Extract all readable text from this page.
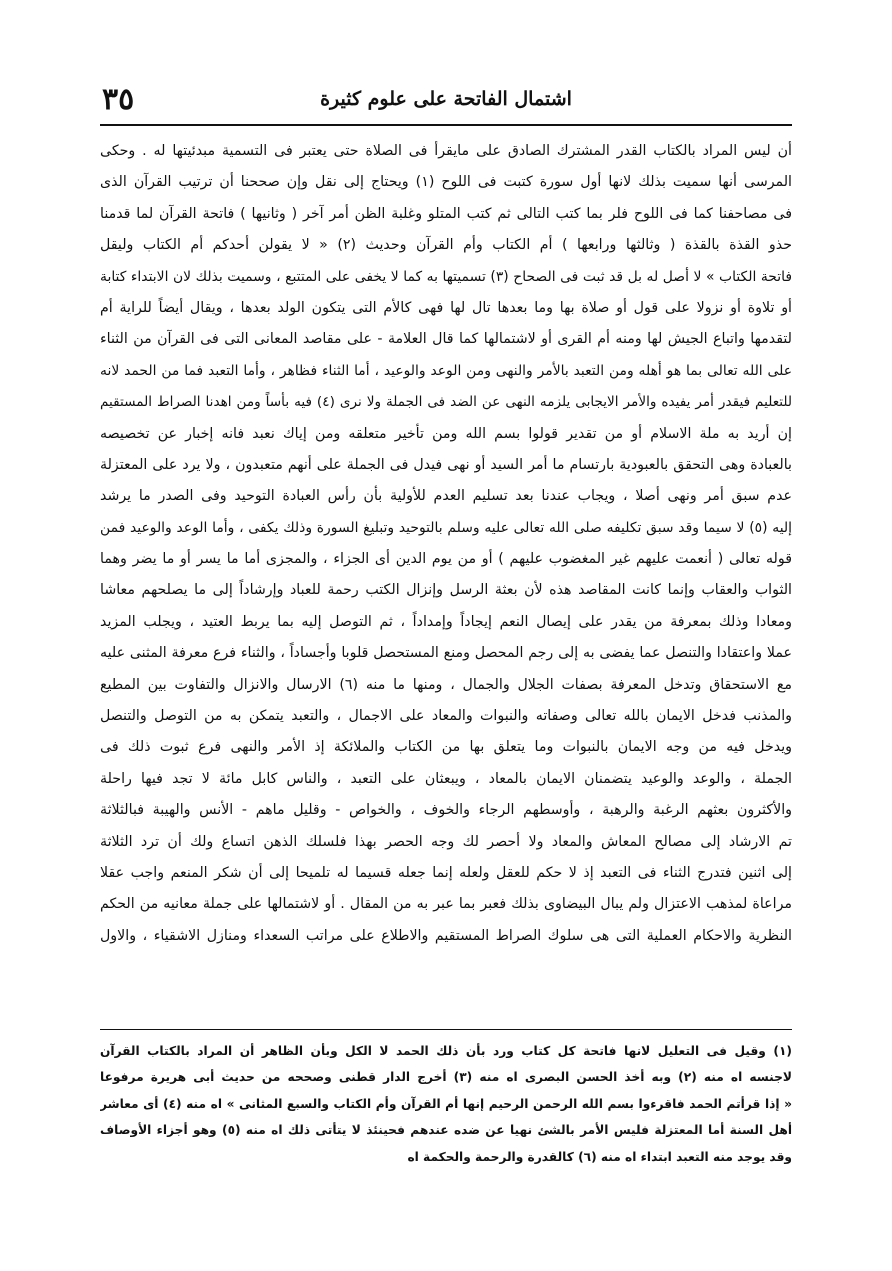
٣٥	اشتمال الفاتحة على علوم كثيرة
أن ليس المراد بالكتاب القدر المشترك الصادق على مايقرأ فى الصلاة حتى يعتبر فى التسمية مبدئيتها له . وحكى
المرسى أنها سميت بذلك لانها أول سورة كتبت فى اللوح (١) ويحتاج إلى نقل وإن صححنا أن ترتيب القرآن الذى
فى مصاحفنا كما فى اللوح فلر بما كتب التالى ثم كتب المتلو وغلبة الظن أمر آخر ( وثانيها ) فاتحة القرآن لما قدمنا
حذو القذة بالقذة ( وثالثها ورابعها ) أم الكتاب وأم القرآن وحديث (٢) « لا يقولن أحدكم أم الكتاب وليقل
فاتحة الكتاب » لا أصل له بل قد ثبت فى الصحاح (٣) تسميتها به كما لا يخفى على المتتبع ، وسميت بذلك لان الابتداء كتابة
أو تلاوة أو نزولا على قول أو صلاة بها وما بعدها تال لها فهى كالأم التى يتكون الولد بعدها ، ويقال أيضاً للراية أم
لتقدمها واتباع الجيش لها ومنه أم القرى أو لاشتمالها كما قال العلامة - على مقاصد المعانى التى فى القرآن من الثناء
على الله تعالى بما هو أهله ومن التعبد بالأمر والنهى ومن الوعد والوعيد ، أما الثناء فظاهر ، وأما التعبد فما من الحمد لانه
للتعليم فيقدر أمر يفيده والأمر الايجابى يلزمه النهى عن الضد فى الجملة ولا نرى (٤) فيه بأساً ومن اهدنا الصراط المستقيم
إن أريد به ملة الاسلام أو من تقدير قولوا بسم الله ومن تأخير متعلقه ومن إياك نعبد فانه إخبار عن تخصيصه
بالعبادة وهى التحقق بالعبودية بارتسام ما أمر السيد أو نهى فيدل فى الجملة على أنهم متعبدون ، ولا يرد على المعتزلة
عدم سبق أمر ونهى أصلا ، ويجاب عندنا بعد تسليم العدم للأولية بأن رأس العبادة التوحيد وفى الصدر ما يرشد
إليه (٥) لا سيما وقد سبق تكليفه صلى الله تعالى عليه وسلم بالتوحيد وتبليغ السورة وذلك يكفى ، وأما الوعد والوعيد فمن
قوله تعالى ( أنعمت عليهم غير المغضوب عليهم ) أو من يوم الدين أى الجزاء ، والمجزى أما ما يسر أو ما يضر وهما
الثواب والعقاب وإنما كانت المقاصد هذه لأن بعثة الرسل وإنزال الكتب رحمة للعباد وإرشاداً إلى ما يصلحهم معاشا
ومعادا وذلك بمعرفة من يقدر على إيصال النعم إيجاداً وإمداداً ، ثم التوصل إليه بما يربط العتيد ، ويجلب المزيد
عملا واعتقادا والتنصل عما يفضى به إلى رجم المحصل ومنع المستحصل قلوبا وأجساداً ، والثناء فرع معرفة المثنى عليه
مع الاستحقاق وتدخل المعرفة بصفات الجلال والجمال ، ومنها ما منه (٦) الارسال والانزال والتفاوت بين المطيع
والمذنب فدخل الايمان بالله تعالى وصفاته والنبوات والمعاد على الاجمال ، والتعبد يتمكن به من التوصل والتنصل
ويدخل فيه من وجه الايمان بالنبوات وما يتعلق بها من الكتاب والملائكة إذ الأمر والنهى فرع ثبوت ذلك فى
الجملة ، والوعد والوعيد يتضمنان الايمان بالمعاد ، ويبعثان على التعبد ، والناس كابل مائة لا تجد فيها راحلة
والأكثرون بعثهم الرغبة والرهبة ، وأوسطهم الرجاء والخوف ، والخواص - وقليل ماهم - الأنس والهيبة فبالثلاثة
تم الارشاد إلى مصالح المعاش والمعاد ولا أحصر لك وجه الحصر بهذا فلسلك الذهن اتساع ولك أن ترد الثلاثة
إلى اثنين فتدرج الثناء فى التعبد إذ لا حكم للعقل ولعله إنما جعله قسيما له تلميحا إلى أن شكر المنعم واجب عقلا
مراعاة لمذهب الاعتزال ولم يبال البيضاوى بذلك فعبر بما عبر به من المقال . أو لاشتمالها على جملة معانيه من الحكم
النظرية والاحكام العملية التى هى سلوك الصراط المستقيم والاطلاع على مراتب السعداء ومنازل الاشقياء ، والاول
(١) وقيل فى التعليل لانها فاتحة كل كتاب ورد بأن ذلك الحمد لا الكل وبأن الظاهر أن المراد بالكتاب القرآن
لاجنسه اه منه (٢) وبه أخذ الحسن البصرى اه منه (٣) أخرج الدار قطنى وصححه من حديث أبى هريرة مرفوعا
« إذا قرأتم الحمد فاقرءوا بسم الله الرحمن الرحيم إنها أم القرآن وأم الكتاب والسبع المثانى » اه منه (٤) أى معاشر
أهل السنة أما المعتزلة فليس الأمر بالشئ نهيا عن ضده عندهم فحينئذ لا يتأتى ذلك اه منه (٥) وهو أجزاء الأوصاف
وقد يوجد منه التعبد ابتداء اه منه (٦) كالقدرة والرحمة والحكمة اه
